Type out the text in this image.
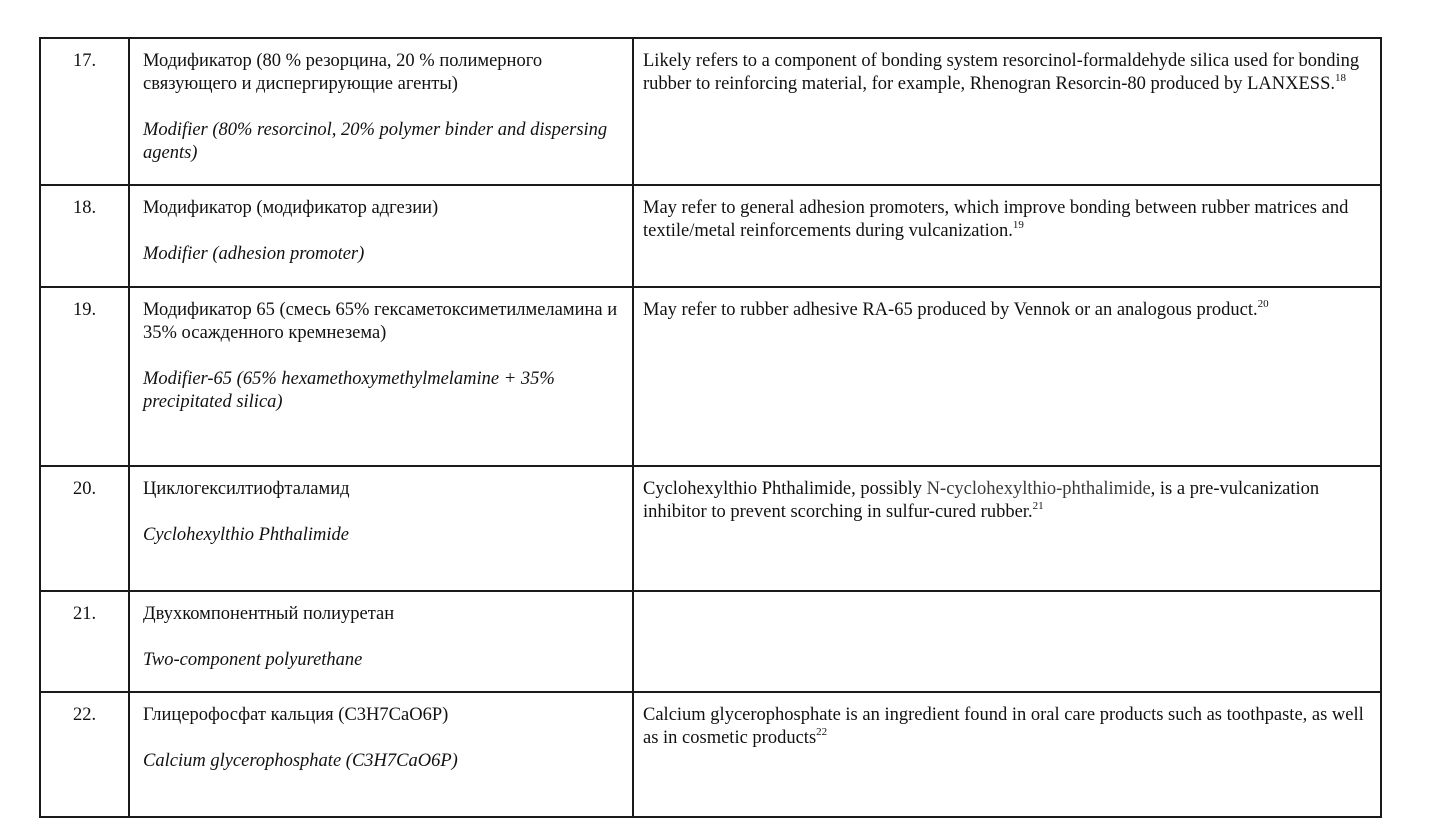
17.	Модификатор (80 % резорцина, 20 % полимерного связующего и диспергирующие агенты)
Modifier (80% resorcinol, 20% polymer binder and dispersing agents)	Likely refers to a component of bonding system resorcinol-formaldehyde silica used for bonding rubber to reinforcing material, for example, Rhenogran Resorcin-80 produced by LANXESS.$^{18}$
18.	Модификатор (модификатор адгезии)
Modifier (adhesion promoter)	May refer to general adhesion promoters, which improve bonding between rubber matrices and textile/metal reinforcements during vulcanization.$^{19}$
19.	Модификатор 65 (смесь 65% гексаметоксиметилмеламина и 35% осажденного кремнезема)
Modifier-65 (65% hexamethoxymethylmelamine + 35% precipitated silica)	May refer to rubber adhesive RA-65 produced by Vennok or an analogous product.$^{20}$
20.	Циклогексилтиофталамид
Cyclohexylthio Phthalimide	Cyclohexylthio Phthalimide, possibly N-cyclohexylthio-phthalimide, is a pre-vulcanization inhibitor to prevent scorching in sulfur-cured rubber.$^{21}$
21.	Двухкомпонентный полиуретан
Two-component polyurethane	

22.	Глицерофосфат кальция (C3H7CaO6P)
Calcium glycerophosphate (C3H7CaO6P)	Calcium glycerophosphate is an ingredient found in oral care products such as toothpaste, as well as in cosmetic products$^{22}$
